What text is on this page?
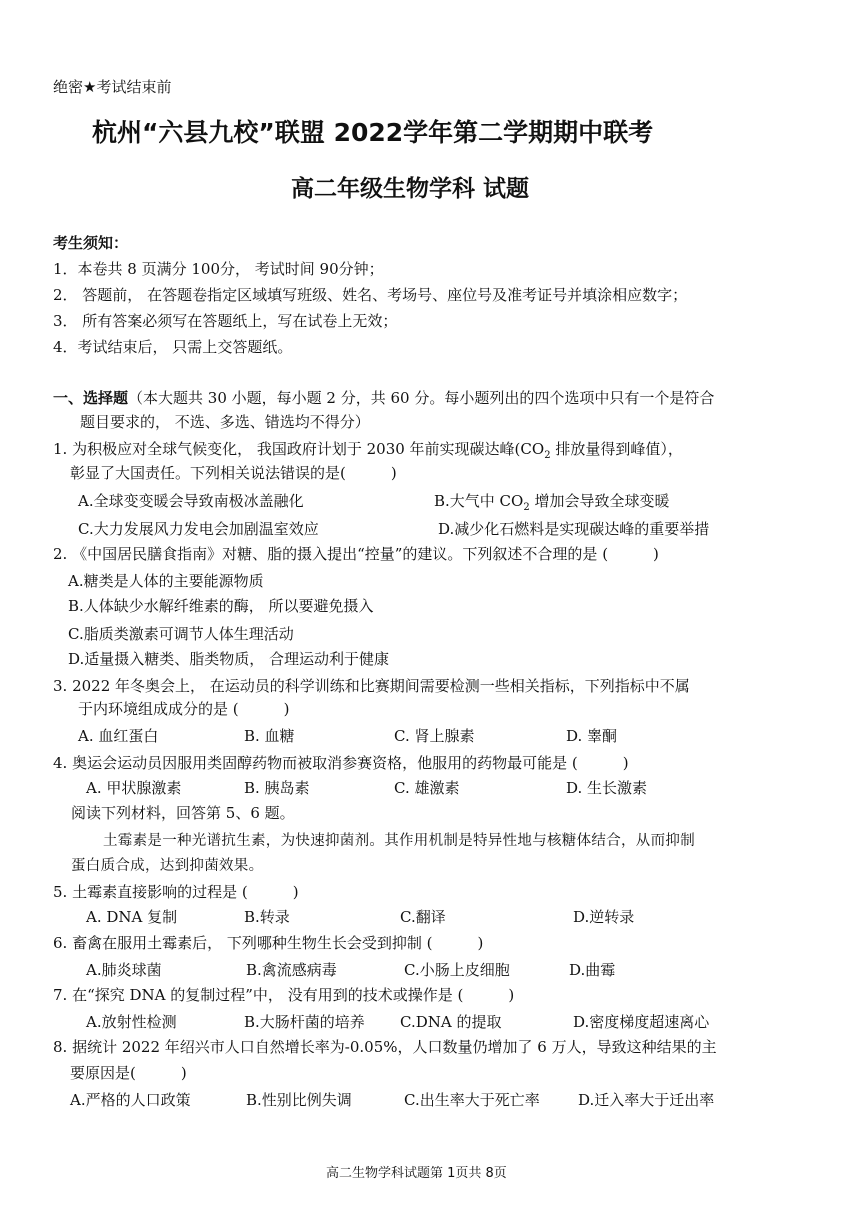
绝密★考试结束前
杭州“六县九校”联盟 2022学年第二学期期中联考
高二年级生物学科 试题
考生须知：
1．本卷共 8 页满分 100分， 考试时间 90分钟；
2． 答题前， 在答题卷指定区域填写班级、姓名、考场号、座位号及准考证号并填涂相应数字；
3． 所有答案必须写在答题纸上，写在试卷上无效；
4．考试结束后， 只需上交答题纸。
一、选择题（本大题共 30 小题，每小题 2 分，共 60 分。每小题列出的四个选项中只有一个是符合
题目要求的， 不选、多选、错选均不得分）
1. 为积极应对全球气候变化， 我国政府计划于 2030 年前实现碳达峰($CO_2$ 排放量得到峰值），
彰显了大国责任。下列相关说法错误的是(　　　)
A.全球变变暖会导致南极冰盖融化	B.大气中 $CO_2$ 增加会导致全球变暖
C.大力发展风力发电会加剧温室效应	D.减少化石燃料是实现碳达峰的重要举措
2. 《中国居民膳食指南》对糖、脂的摄入提出“控量”的建议。下列叙述不合理的是 (　　　)
A.糖类是人体的主要能源物质
B.人体缺少水解纤维素的酶， 所以要避免摄入
C.脂质类激素可调节人体生理活动
D.适量摄入糖类、脂类物质， 合理运动利于健康
3. 2022 年冬奥会上， 在运动员的科学训练和比赛期间需要检测一些相关指标，下列指标中不属
于内环境组成成分的是 (　　　)
A. 血红蛋白	B. 血糖	C. 肾上腺素	D. 睾酮
4. 奥运会运动员因服用类固醇药物而被取消参赛资格，他服用的药物最可能是 (　　　)
A. 甲状腺激素	B. 胰岛素	C. 雄激素	D. 生长激素
阅读下列材料，回答第 5、6 题。
土霉素是一种光谱抗生素，为快速抑菌剂。其作用机制是特异性地与核糖体结合，从而抑制
蛋白质合成，达到抑菌效果。
5. 土霉素直接影响的过程是 (　　　)
A. DNA 复制	B.转录	C.翻译	D.逆转录
6. 畜禽在服用土霉素后， 下列哪种生物生长会受到抑制 (　　　)
A.肺炎球菌	B.禽流感病毒	C.小肠上皮细胞	D.曲霉
7. 在“探究 DNA 的复制过程”中， 没有用到的技术或操作是 (　　　)
A.放射性检测	B.大肠杆菌的培养 C.DNA 的提取	D.密度梯度超速离心
8. 据统计 2022 年绍兴市人口自然增长率为-0.05%，人口数量仍增加了 6 万人，导致这种结果的主
要原因是(　　　)
A.严格的人口政策	B.性别比例失调	C.出生率大于死亡率	D.迁入率大于迁出率
高二生物学科试题第 1页共 8页
